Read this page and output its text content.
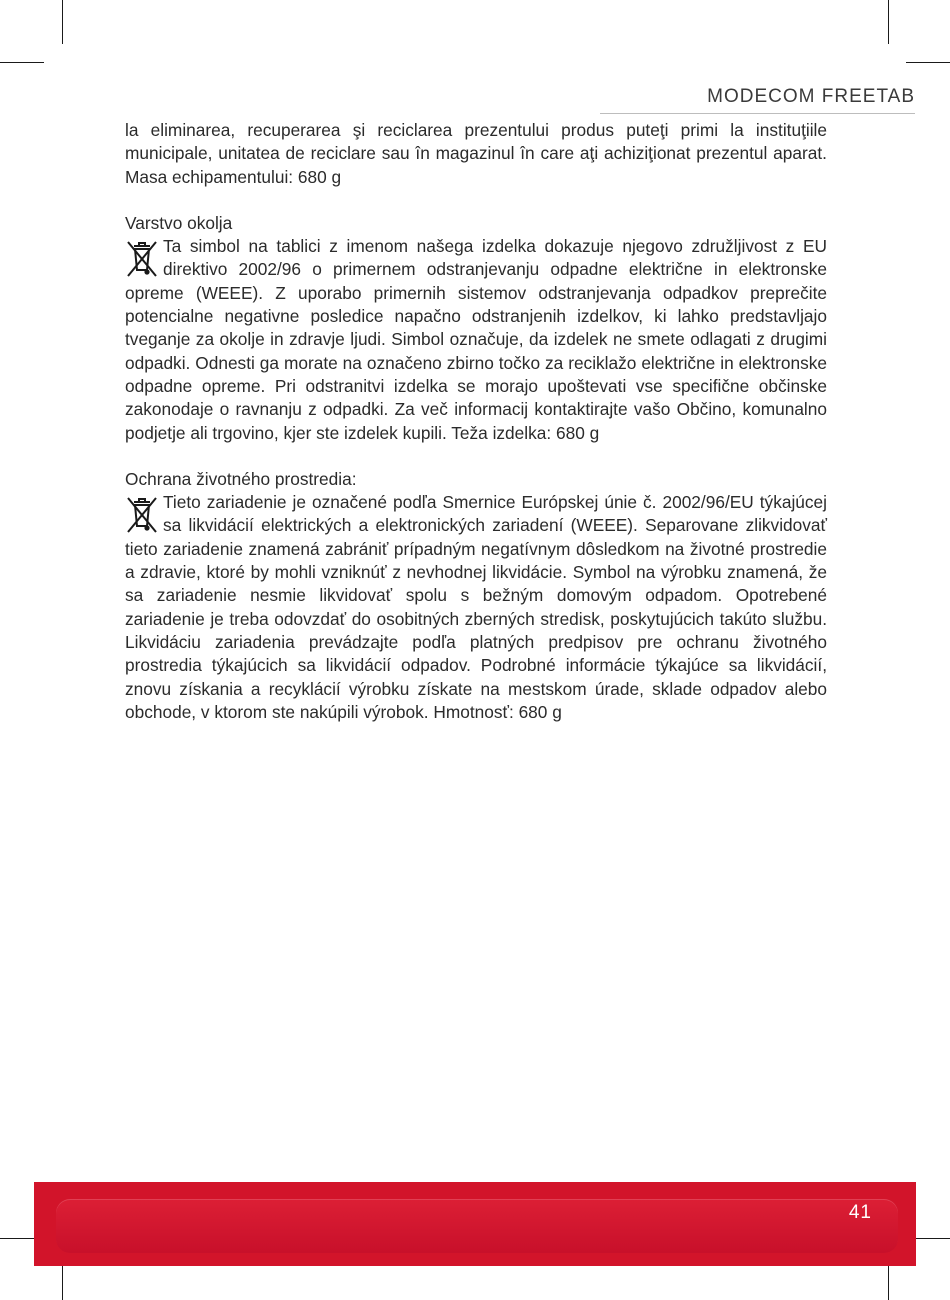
MODECOM FREETAB

la eliminarea, recuperarea şi reciclarea prezentului produs puteţi primi la instituţiile municipale, unitatea de reciclare sau în magazinul în care aţi achiziţionat prezentul aparat. Masa echipamentului: 680 g

Varstvo okolja

Ta simbol na tablici z imenom našega izdelka dokazuje njegovo združljivost z EU direktivo 2002/96 o primernem odstranjevanju odpadne električne in elektronske opreme (WEEE). Z uporabo primernih sistemov odstranjevanja odpadkov preprečite potencialne negativne posledice napačno odstranjenih izdelkov, ki lahko predstavljajo tveganje za okolje in zdravje ljudi. Simbol označuje, da izdelek ne smete odlagati z drugimi odpadki. Odnesti ga morate na označeno zbirno točko za reciklažo električne in elektronske odpadne opreme. Pri odstranitvi izdelka se morajo upoštevati vse specifične občinske zakonodaje o ravnanju z odpadki. Za več informacij kontaktirajte vašo Občino, komunalno podjetje ali trgovino, kjer ste izdelek kupili. Teža izdelka: 680 g

Ochrana životného prostredia:

Tieto zariadenie je označené podľa Smernice Európskej únie č. 2002/96/EU týkajúcej sa likvidácií elektrických a elektronických zariadení (WEEE). Separovane zlikvidovať tieto zariadenie znamená zabrániť prípadným negatívnym dôsledkom na životné prostredie a zdravie, ktoré by mohli vzniknúť z nevhodnej likvidácie. Symbol na výrobku znamená, že sa zariadenie nesmie likvidovať spolu s bežným domovým odpadom. Opotrebené zariadenie je treba odovzdať do osobitných zberných stredisk, poskytujúcich takúto službu. Likvidáciu zariadenia prevádzajte podľa platných predpisov pre ochranu životného prostredia týkajúcich sa likvidácií odpadov. Podrobné informácie týkajúce sa likvidácií, znovu získania a recyklácií výrobku získate na mestskom úrade, sklade odpadov alebo obchode, v ktorom ste nakúpili výrobok. Hmotnosť: 680 g
41
